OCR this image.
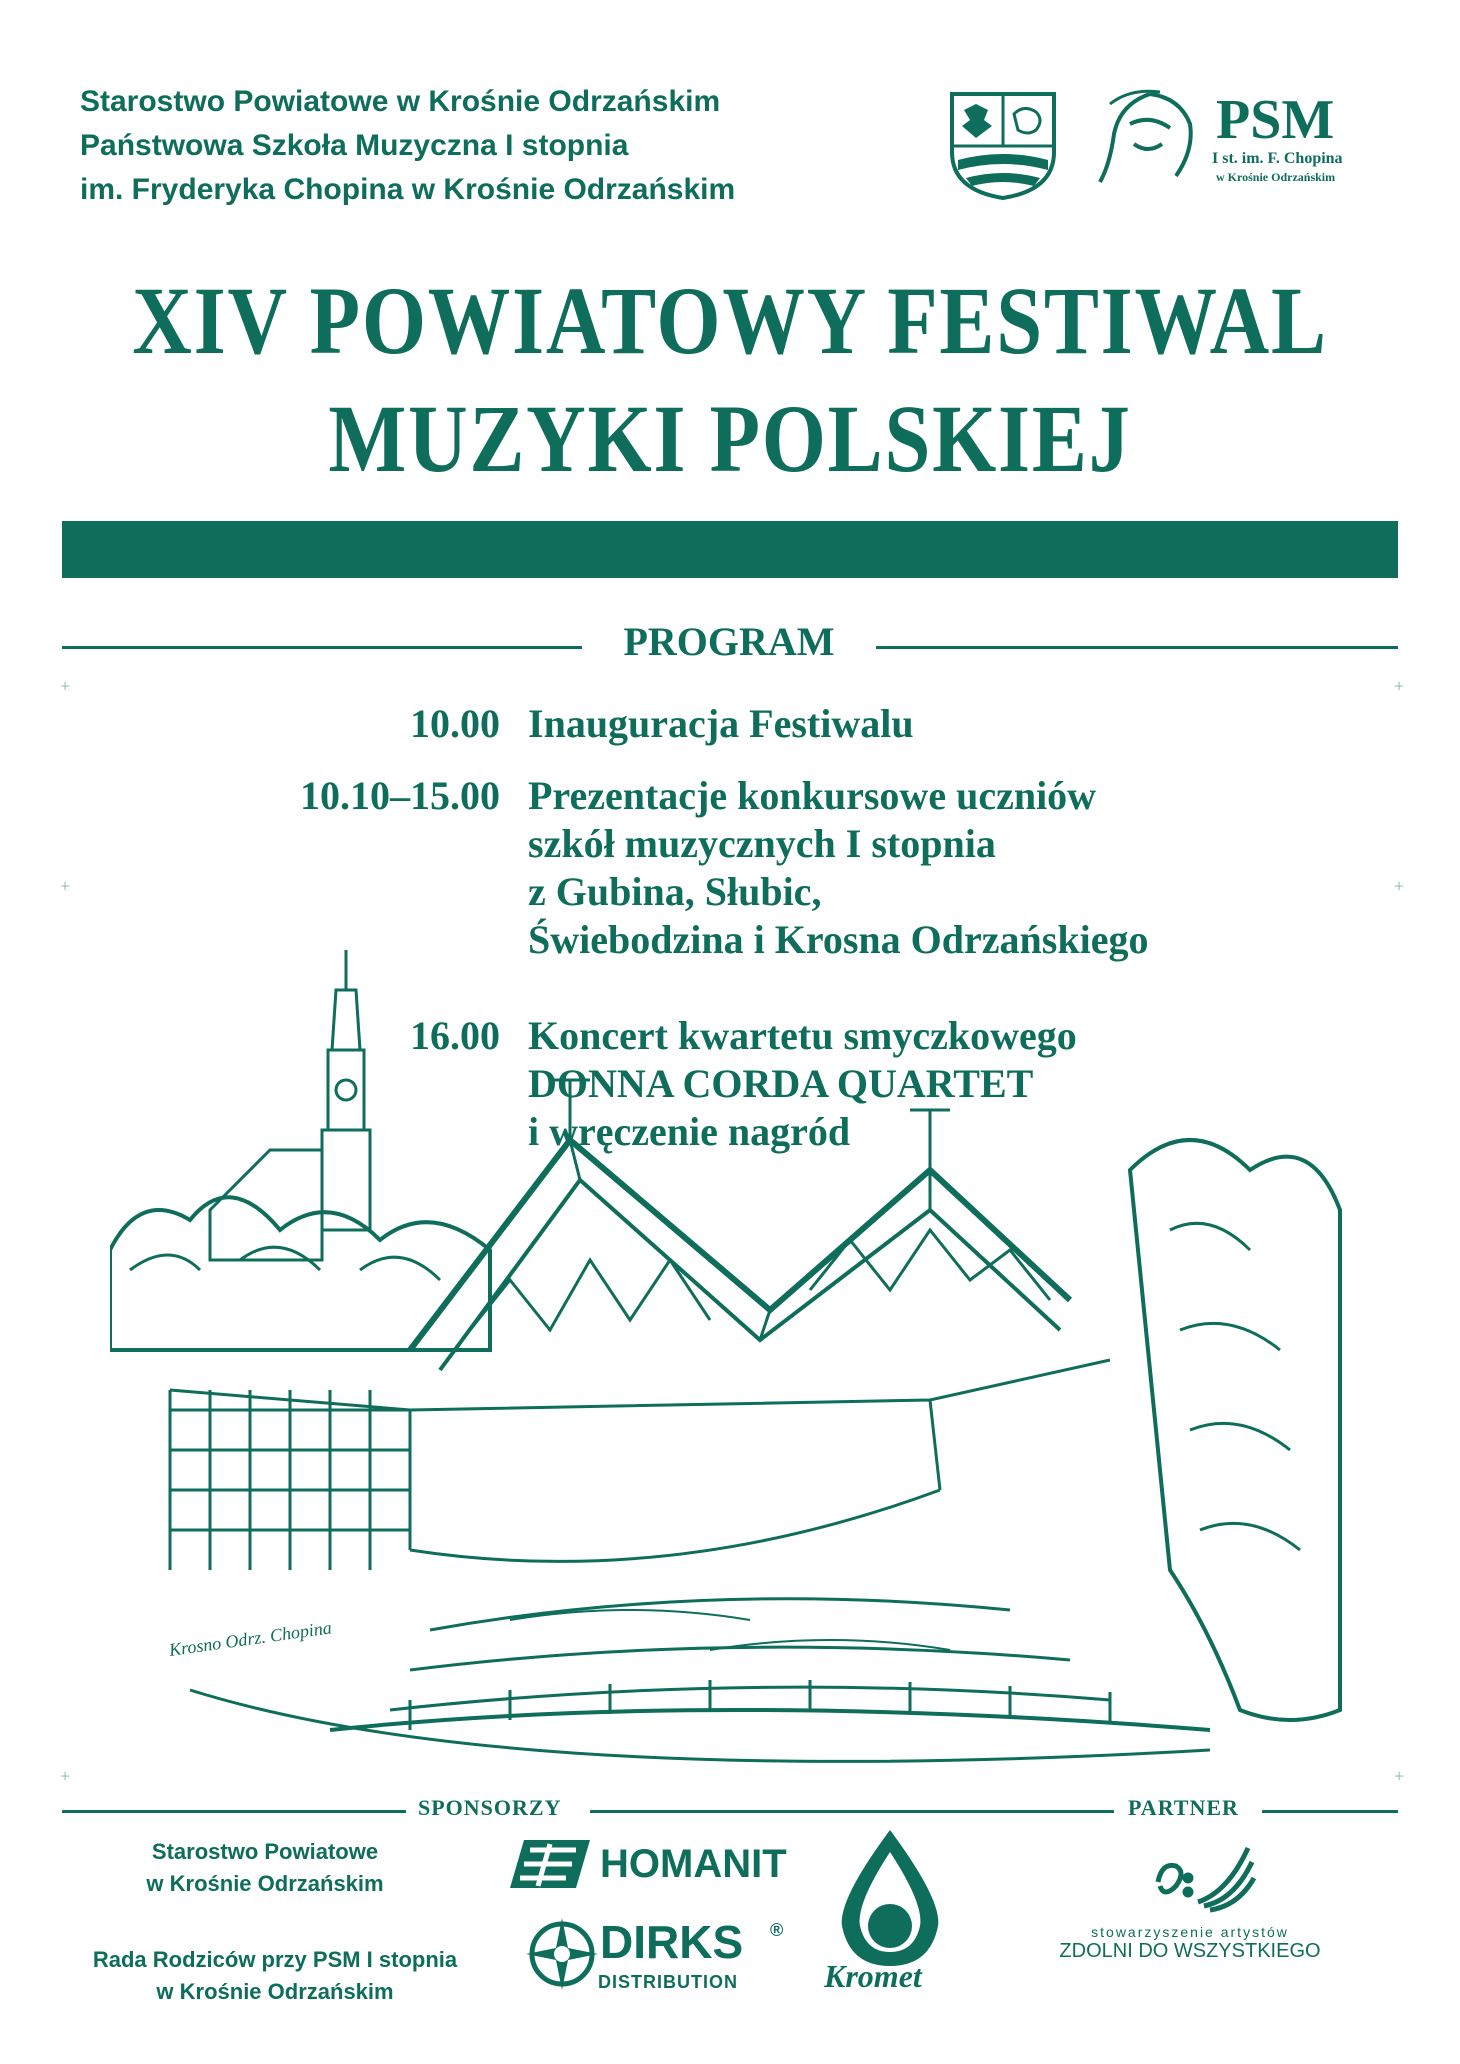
Starostwo Powiatowe w Krośnie Odrzańskim
Państwowa Szkoła Muzyczna I stopnia
im. Fryderyka Chopina w Krośnie Odrzańskim
PSM
I st. im. F. Chopina
w Krośnie Odrzańskim
XIV POWIATOWY FESTIWAL
MUZYKI POLSKIEJ
PROGRAM
+	+
+	+
10.00 Inauguracja Festiwalu
10.10–15.00 Prezentacje konkursowe uczniów
szkół muzycznych I stopnia
z Gubina, Słubic,
Świebodzina i Krosna Odrzańskiego
16.00 Koncert kwartetu smyczkowego
DONNA CORDA QUARTET
i wręczenie nagród
Krosno Odrz. Chopina
+	+
SPONSORZY	PARTNER
Starostwo Powiatowe
w Krośnie Odrzańskim
Rada Rodziców przy PSM I stopnia
w Krośnie Odrzańskim
HOMANIT
DIRKS ®
DISTRIBUTION	Kromet
stowarzyszenie artystów
ZDOLNI DO WSZYSTKIEGO
